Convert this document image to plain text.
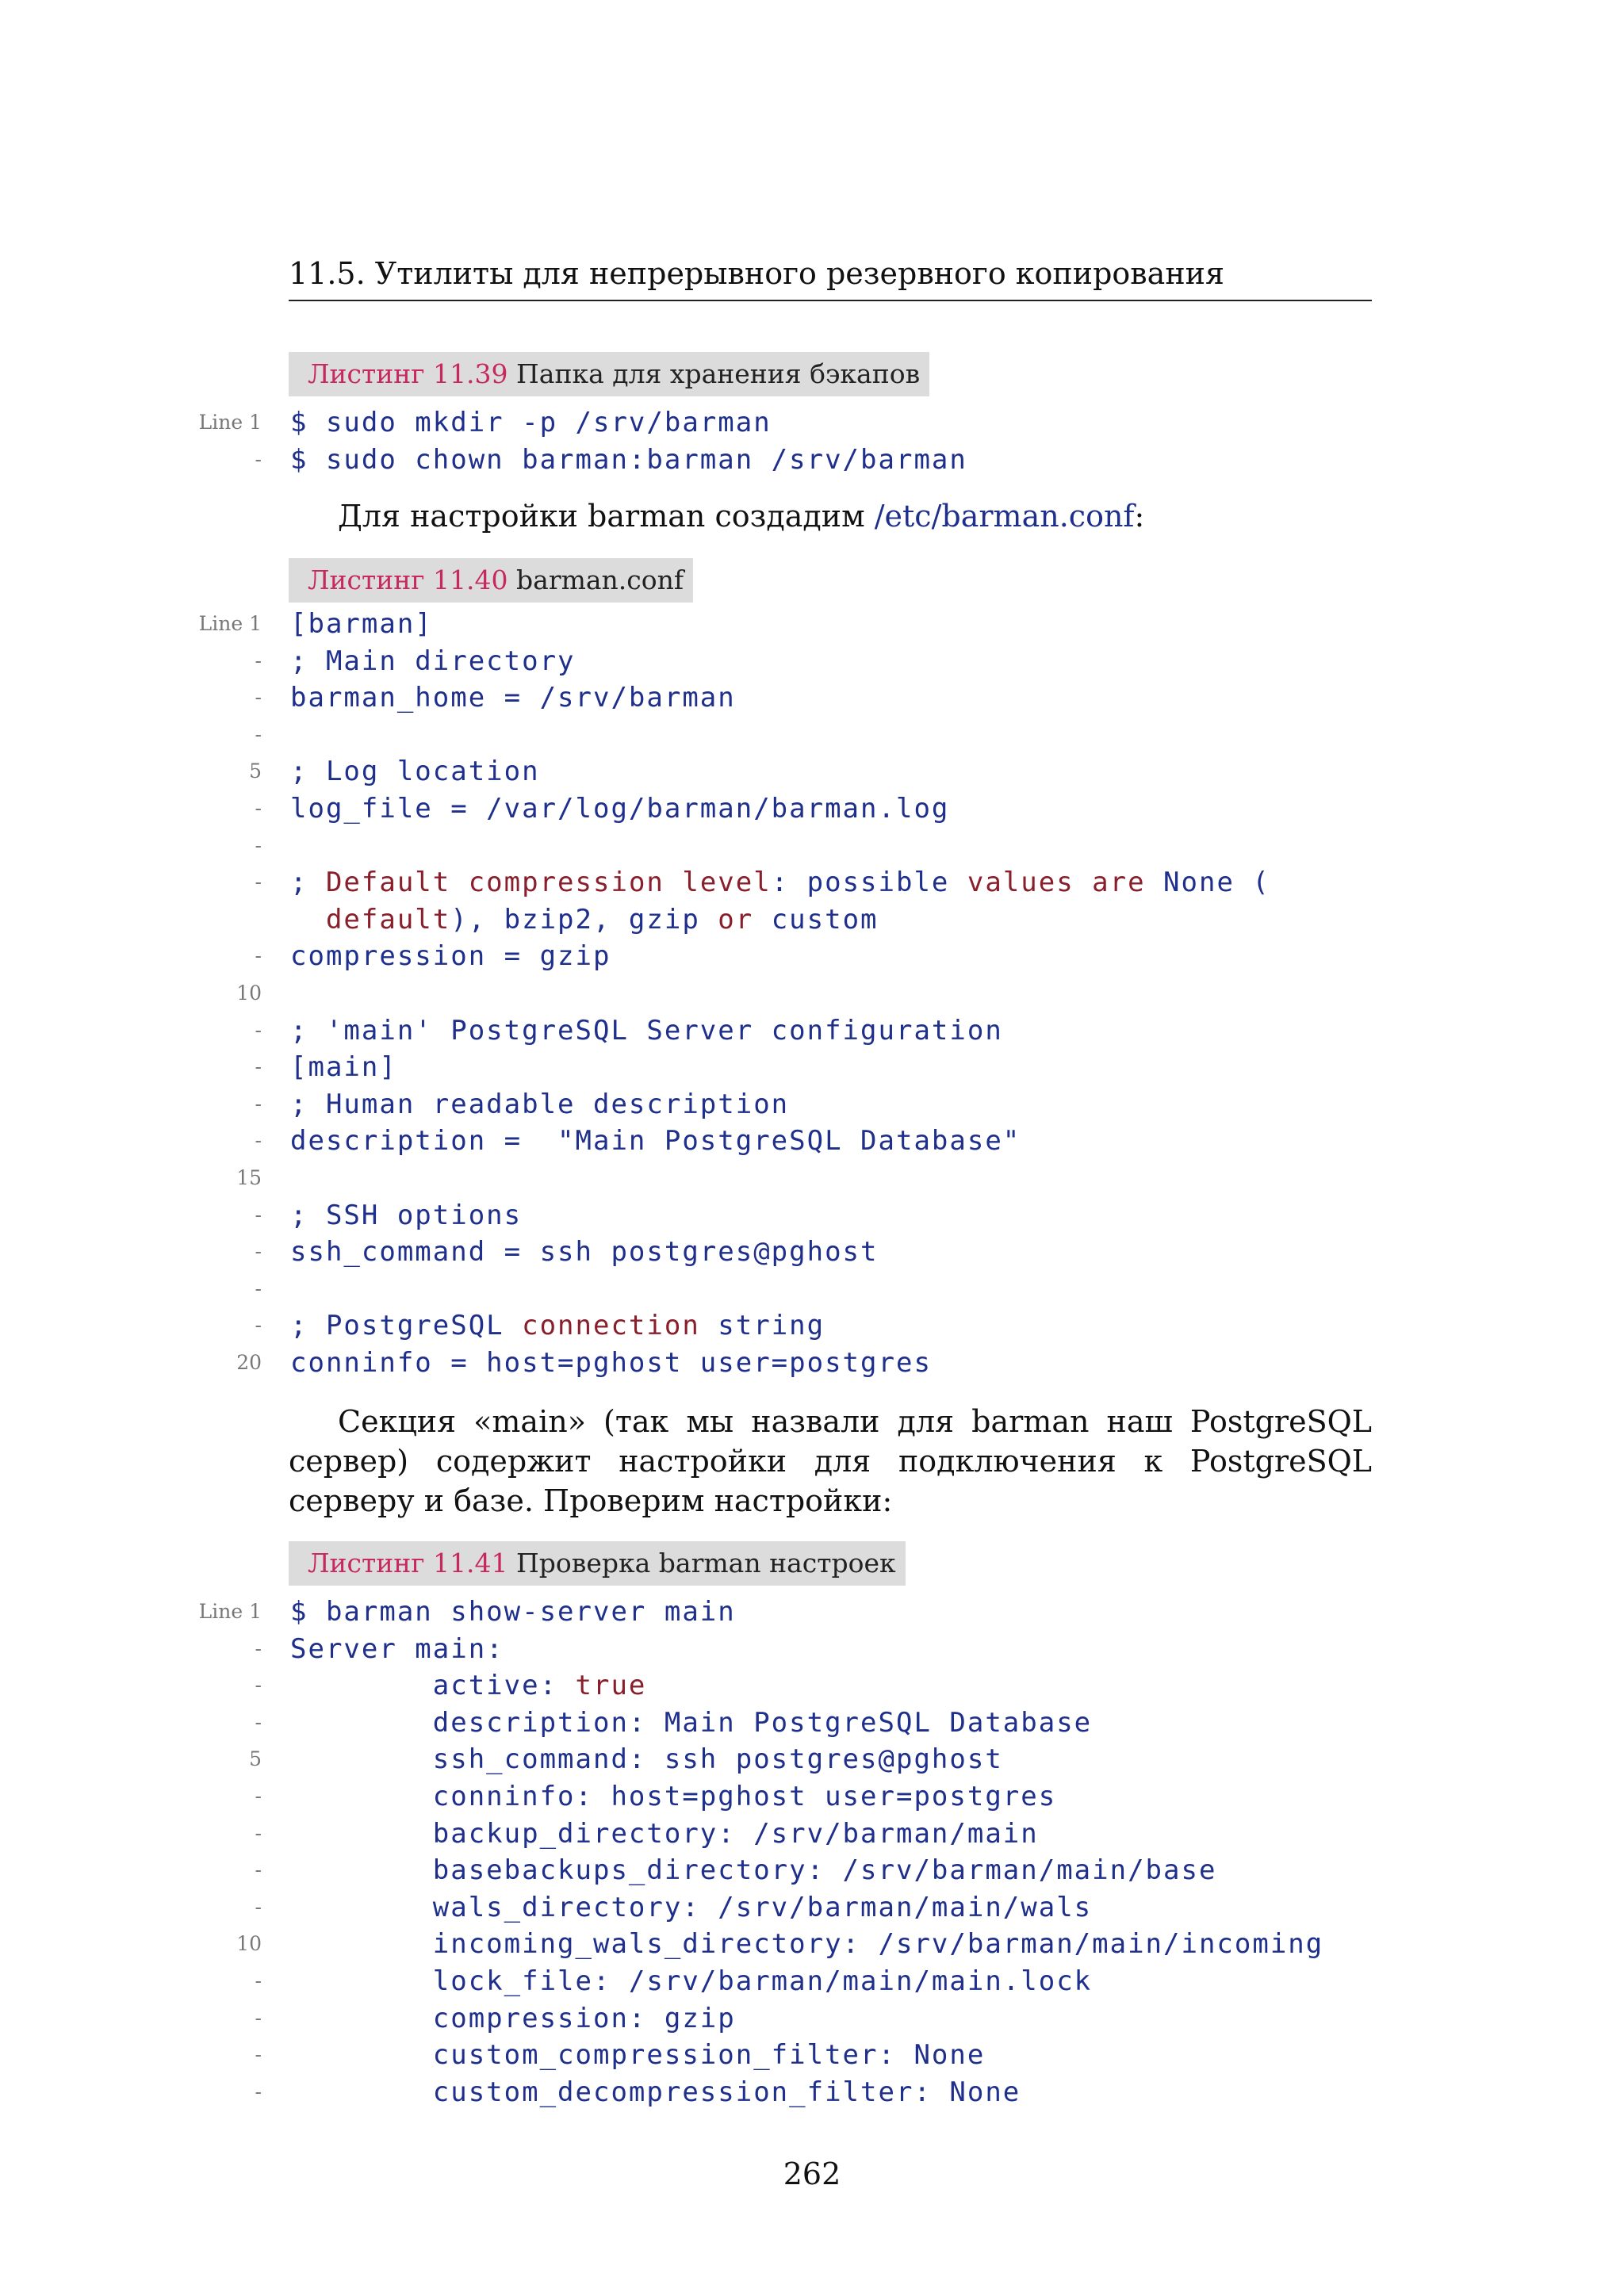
11.5. Утилиты для непрерывного резервного копирования
Листинг 11.39 Папка для хранения бэкапов
Line 1 $ sudo mkdir -p /srv/barman
- $ sudo chown barman:barman /srv/barman
Для настройки barman создадим /etc/barman.conf:
Листинг 11.40 barman.conf
Line 1 [barman]
- ; Main directory
- barman_home = /srv/barman
-
5 ; Log location
- log_file = /var/log/barman/barman.log
-
- ; Default compression level: possible values are None (
default), bzip2, gzip or custom
- compression = gzip
10
- ; 'main' PostgreSQL Server configuration
- [main]
- ; Human readable description
- description =  "Main PostgreSQL Database"
15
- ; SSH options
- ssh_command = ssh postgres@pghost
-
- ; PostgreSQL connection string
20 conninfo = host=pghost user=postgres
Секция «main» (так мы назвали для barman наш PostgreSQL сервер) содержит настройки для подключения к PostgreSQL серверу и базе. Проверим настройки:
Листинг 11.41 Проверка barman настроек
Line 1 $ barman show-server main
- Server main:
- active: true
- description: Main PostgreSQL Database
5 ssh_command: ssh postgres@pghost
- conninfo: host=pghost user=postgres
- backup_directory: /srv/barman/main
- basebackups_directory: /srv/barman/main/base
- wals_directory: /srv/barman/main/wals
10 incoming_wals_directory: /srv/barman/main/incoming
- lock_file: /srv/barman/main/main.lock
- compression: gzip
- custom_compression_filter: None
- custom_decompression_filter: None
262
